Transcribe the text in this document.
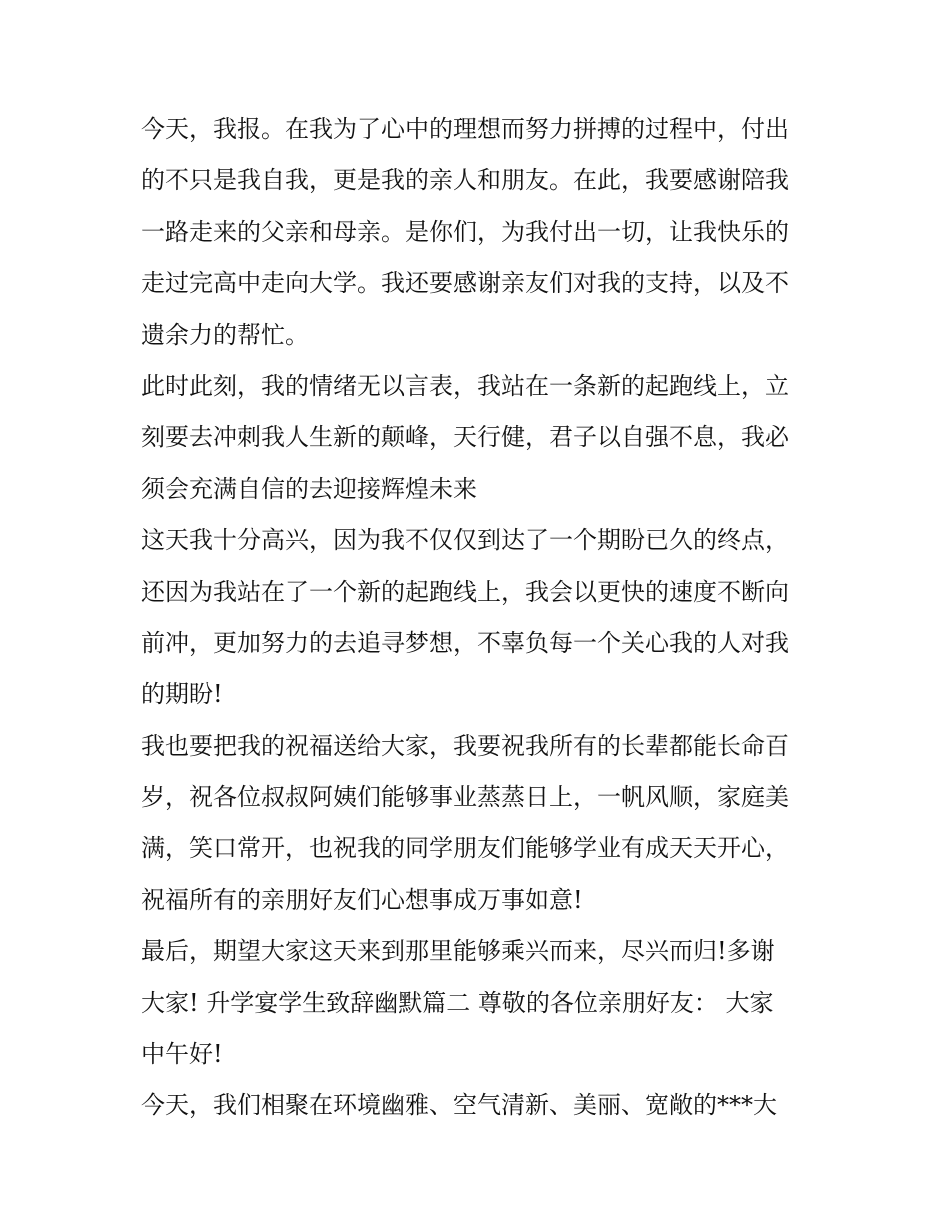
今天，我报。在我为了心中的理想而努力拼搏的过程中，付出
的不只是我自我，更是我的亲人和朋友。在此，我要感谢陪我
一路走来的父亲和母亲。是你们，为我付出一切，让我快乐的
走过完高中走向大学。我还要感谢亲友们对我的支持，以及不
遗余力的帮忙。
此时此刻，我的情绪无以言表，我站在一条新的起跑线上，立
刻要去冲刺我人生新的颠峰，天行健，君子以自强不息，我必
须会充满自信的去迎接辉煌未来
这天我十分高兴，因为我不仅仅到达了一个期盼已久的终点，
还因为我站在了一个新的起跑线上，我会以更快的速度不断向
前冲，更加努力的去追寻梦想，不辜负每一个关心我的人对我
的期盼!
我也要把我的祝福送给大家，我要祝我所有的长辈都能长命百
岁，祝各位叔叔阿姨们能够事业蒸蒸日上，一帆风顺，家庭美
满，笑口常开，也祝我的同学朋友们能够学业有成天天开心，
祝福所有的亲朋好友们心想事成万事如意!
最后，期望大家这天来到那里能够乘兴而来，尽兴而归!多谢
大家! 升学宴学生致辞幽默篇二 尊敬的各位亲朋好友： 大家
中午好!
今天，我们相聚在环境幽雅、空气清新、美丽、宽敞的***大
